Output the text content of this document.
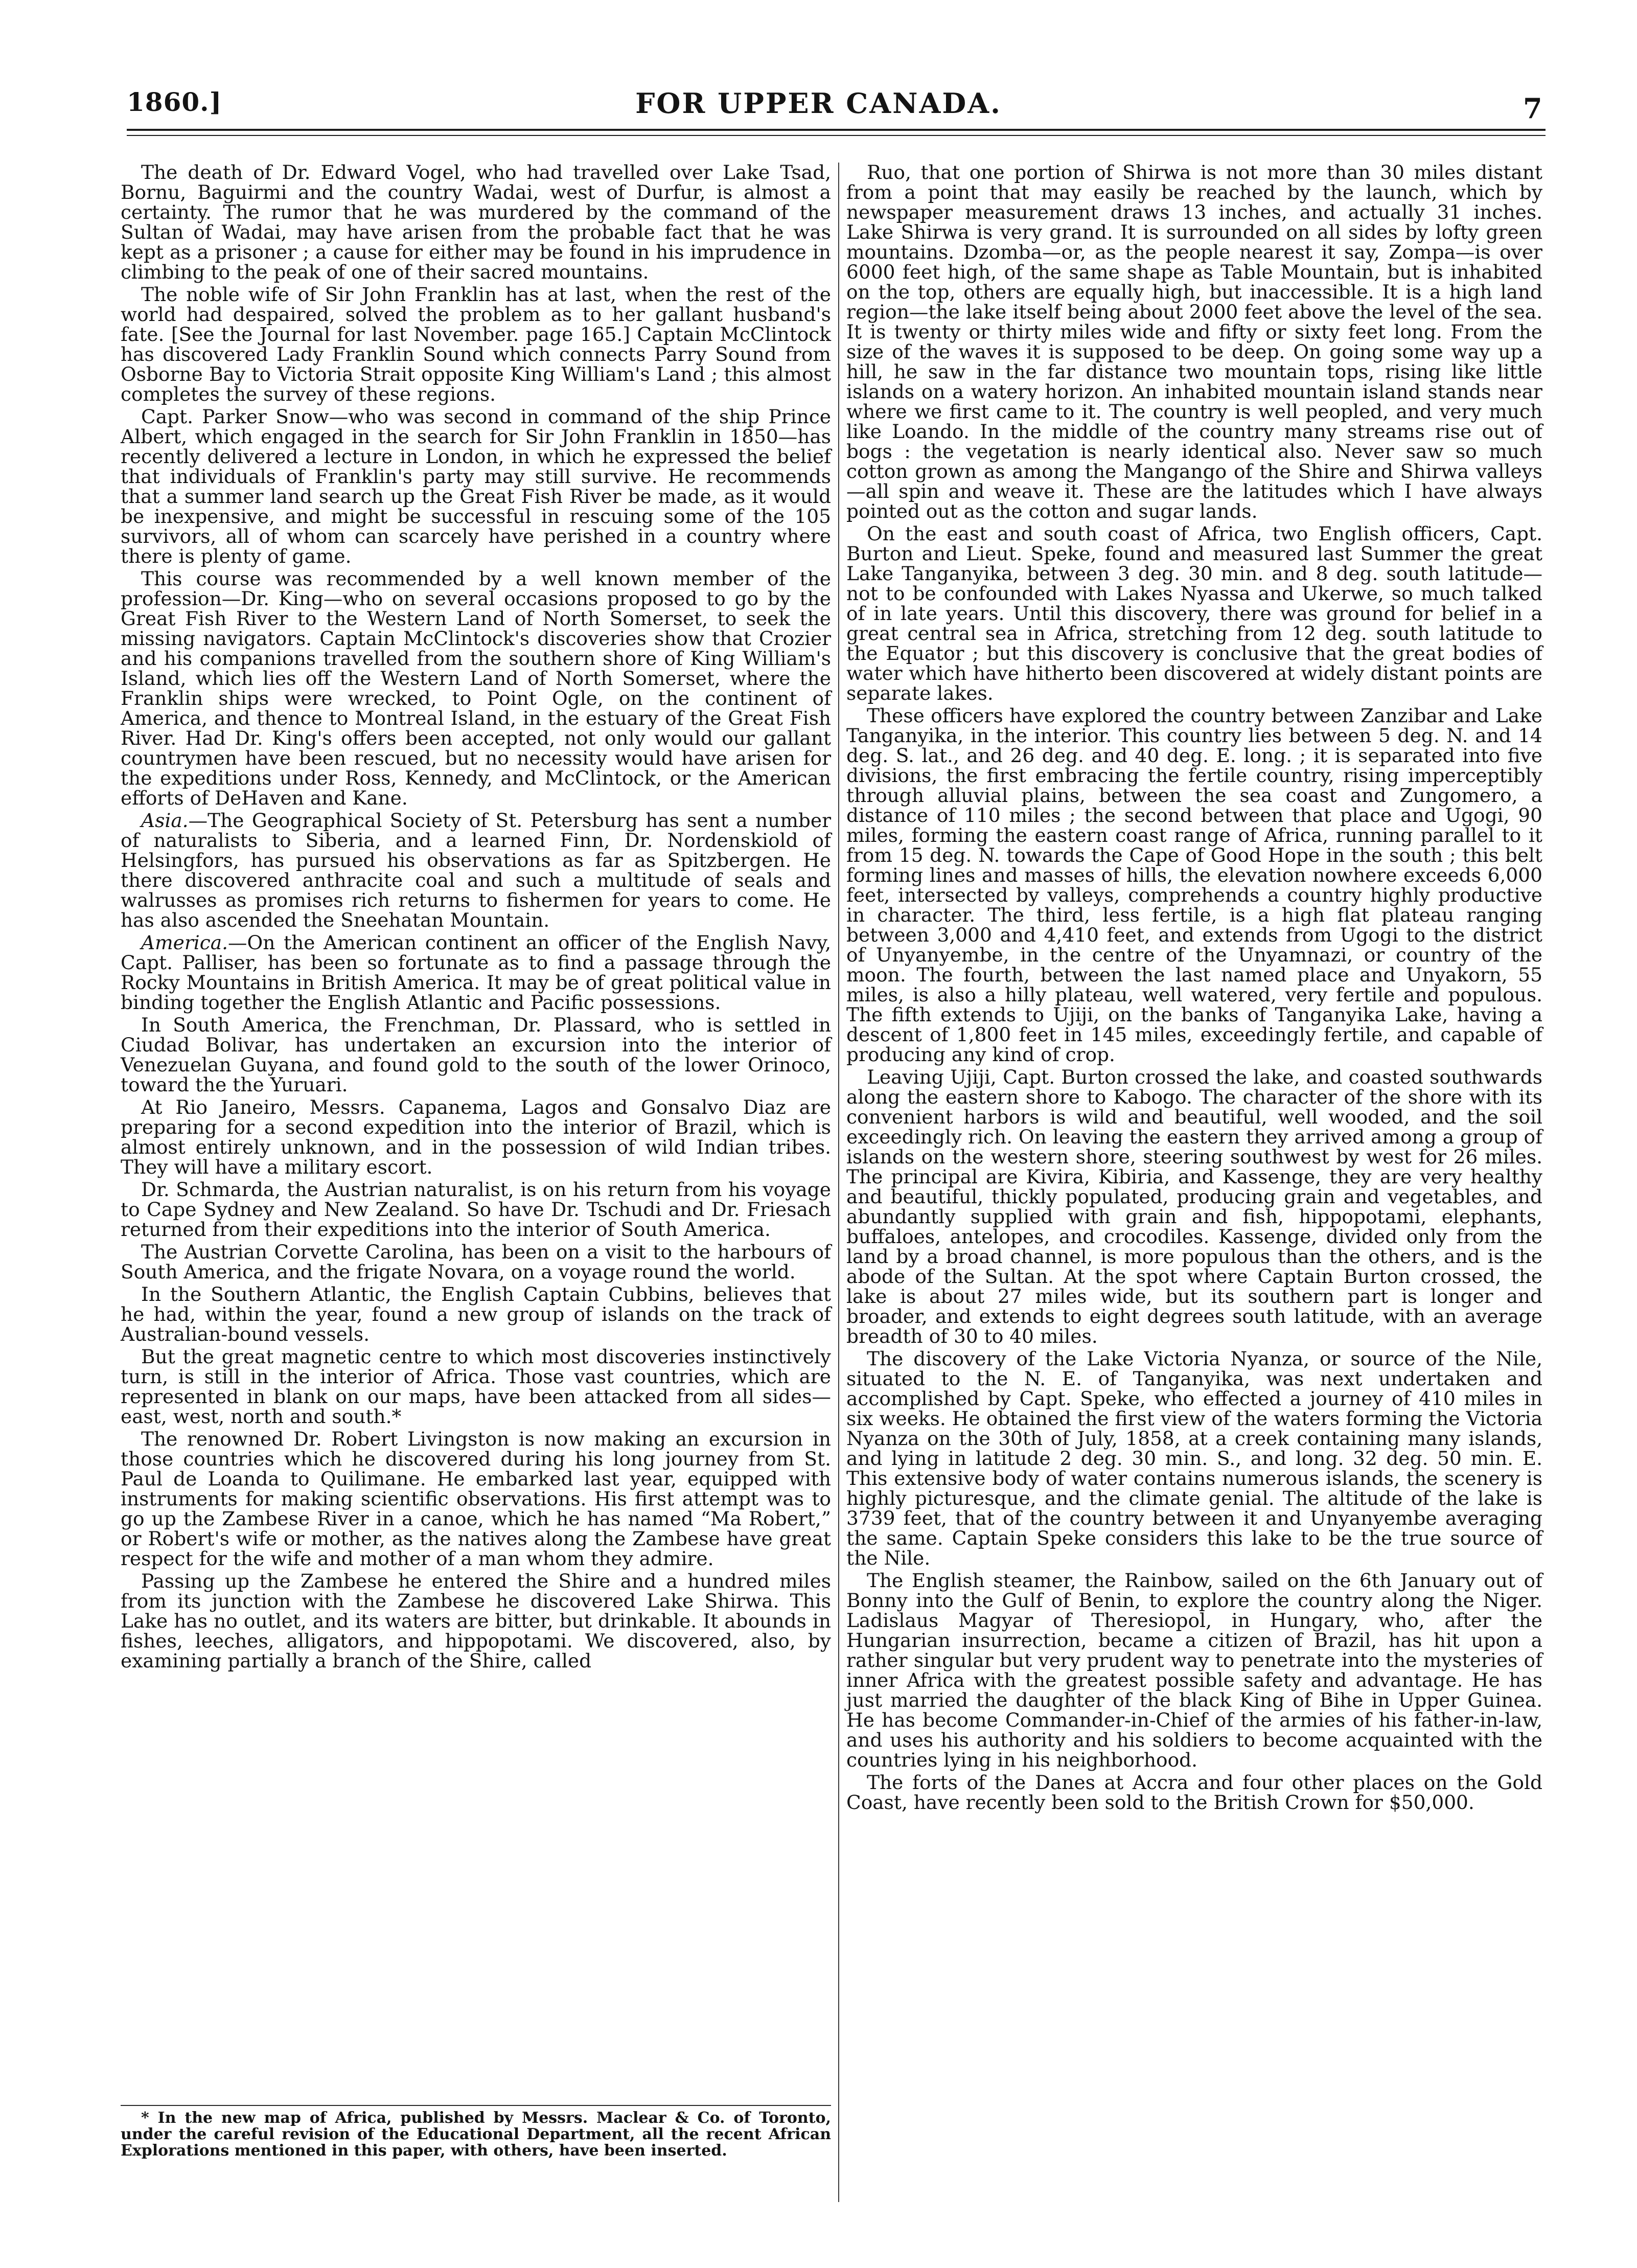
1860.]	FOR UPPER CANADA.	7

The death of Dr. Edward Vogel, who had travelled over Lake Tsad, Bornu, Baguirmi and the country Wadai, west of Durfur, is almost a certainty. The rumor that he was murdered by the command of the Sultan of Wadai, may have arisen from the probable fact that he was kept as a prisoner ; a cause for either may be found in his imprudence in climbing to the peak of one of their sacred mountains.

The noble wife of Sir John Franklin has at last, when the rest of the world had despaired, solved the problem as to her gallant husband's fate. [See the Journal for last November. page 165.] Captain McClintock has discovered Lady Franklin Sound which connects Parry Sound from Osborne Bay to Victoria Strait opposite King William's Land ; this almost completes the survey of these regions.

Capt. Parker Snow—who was second in command of the ship Prince Albert, which engaged in the search for Sir John Franklin in 1850—has recently delivered a lecture in London, in which he expressed the belief that individuals of Franklin's party may still survive. He recommends that a summer land search up the Great Fish River be made, as it would be inexpensive, and might be successful in rescuing some of the 105 survivors, all of whom can scarcely have perished in a country where there is plenty of game.

This course was recommended by a well known member of the profession—Dr. King—who on several occasions proposed to go by the Great Fish River to the Western Land of North Somerset, to seek the missing navigators. Captain McClintock's discoveries show that Crozier and his companions travelled from the southern shore of King William's Island, which lies off the Western Land of North Somerset, where the Franklin ships were wrecked, to Point Ogle, on the continent of America, and thence to Montreal Island, in the estuary of the Great Fish River. Had Dr. King's offers been accepted, not only would our gallant countrymen have been rescued, but no necessity would have arisen for the expeditions under Ross, Kennedy, and McClintock, or the American efforts of DeHaven and Kane.

Asia.—The Geographical Society of St. Petersburg has sent a number of naturalists to Siberia, and a learned Finn, Dr. Nordenskiold of Helsingfors, has pursued his observations as far as Spitzbergen. He there discovered anthracite coal and such a multitude of seals and walrusses as promises rich returns to fishermen for years to come. He has also ascended the Sneehatan Mountain.

America.—On the American continent an officer of the English Navy, Capt. Palliser, has been so fortunate as to find a passage through the Rocky Mountains in British America. It may be of great political value in binding together the English Atlantic and Pacific possessions.

In South America, the Frenchman, Dr. Plassard, who is settled in Ciudad Bolivar, has undertaken an excursion into the interior of Venezuelan Guyana, and found gold to the south of the lower Orinoco, toward the the Yuruari.

At Rio Janeiro, Messrs. Capanema, Lagos and Gonsalvo Diaz are preparing for a second expedition into the interior of Brazil, which is almost entirely unknown, and in the possession of wild Indian tribes. They will have a military escort.

Dr. Schmarda, the Austrian naturalist, is on his return from his voyage to Cape Sydney and New Zealand. So have Dr. Tschudi and Dr. Friesach returned from their expeditions into the interior of South America.

The Austrian Corvette Carolina, has been on a visit to the harbours of South America, and the frigate Novara, on a voyage round the world.

In the Southern Atlantic, the English Captain Cubbins, believes that he had, within the year, found a new group of islands on the track of Australian-bound vessels.

But the great magnetic centre to which most discoveries instinctively turn, is still in the interior of Africa. Those vast countries, which are represented in blank on our maps, have been attacked from all sides—east, west, north and south.*

The renowned Dr. Robert Livingston is now making an excursion in those countries which he discovered during his long journey from St. Paul de Loanda to Quilimane. He embarked last year, equipped with instruments for making scientific observations. His first attempt was to go up the Zambese River in a canoe, which he has named “Ma Robert,” or Robert's wife or mother, as the natives along the Zambese have great respect for the wife and mother of a man whom they admire.

Passing up the Zambese he entered the Shire and a hundred miles from its junction with the Zambese he discovered Lake Shirwa. This Lake has no outlet, and its waters are bitter, but drinkable. It abounds in fishes, leeches, alligators, and hippopotami. We discovered, also, by examining partially a branch of the Shire, called

Ruo, that one portion of Shirwa is not more than 30 miles distant from a point that may easily be reached by the launch, which by newspaper measurement draws 13 inches, and actually 31 inches. Lake Shirwa is very grand. It is surrounded on all sides by lofty green mountains. Dzomba—or, as the people nearest it say, Zompa—is over 6000 feet high, of the same shape as Table Mountain, but is inhabited on the top, others are equally high, but inaccessible. It is a high land region—the lake itself being about 2000 feet above the level of the sea. It is twenty or thirty miles wide and fifty or sixty feet long. From the size of the waves it is supposed to be deep. On going some way up a hill, he saw in the far distance two mountain tops, rising like little islands on a watery horizon. An inhabited mountain island stands near where we first came to it. The country is well peopled, and very much like Loando. In the middle of the country many streams rise out of bogs : the vegetation is nearly identical also. Never saw so much cotton grown as among the Mangango of the Shire and Shirwa valleys—all spin and weave it. These are the latitudes which I have always pointed out as the cotton and sugar lands.

On the east and south coast of Africa, two English officers, Capt. Burton and Lieut. Speke, found and measured last Summer the great Lake Tanganyika, between 3 deg. 30 min. and 8 deg. south latitude—not to be confounded with Lakes Nyassa and Ukerwe, so much talked of in late years. Until this discovery, there was ground for belief in a great central sea in Africa, stretching from 12 deg. south latitude to the Equator ; but this discovery is conclusive that the great bodies of water which have hitherto been discovered at widely distant points are separate lakes.

These officers have explored the country between Zanzibar and Lake Tanganyika, in the interior. This country lies between 5 deg. N. and 14 deg. S. lat., and 26 deg. and 40 deg. E. long. ; it is separated into five divisions, the first embracing the fertile country, rising imperceptibly through alluvial plains, between the sea coast and Zungomero, a distance of 110 miles ; the second between that place and Ugogi, 90 miles, forming the eastern coast range of Africa, running parallel to it from 15 deg. N. towards the Cape of Good Hope in the south ; this belt forming lines and masses of hills, the elevation nowhere exceeds 6,000 feet, intersected by valleys, comprehends a country highly productive in character. The third, less fertile, is a high flat plateau ranging between 3,000 and 4,410 feet, and extends from Ugogi to the district of Unyanyembe, in the centre of the Unyamnazi, or country of the moon. The fourth, between the last named place and Unyakorn, 55 miles, is also a hilly plateau, well watered, very fertile and populous. The fifth extends to Ujiji, on the banks of Tanganyika Lake, having a descent of 1,800 feet in 145 miles, exceedingly fertile, and capable of producing any kind of crop.

Leaving Ujiji, Capt. Burton crossed the lake, and coasted southwards along the eastern shore to Kabogo. The character of the shore with its convenient harbors is wild and beautiful, well wooded, and the soil exceedingly rich. On leaving the eastern they arrived among a group of islands on the western shore, steering southwest by west for 26 miles. The principal are Kivira, Kibiria, and Kassenge, they are very healthy and beautiful, thickly populated, producing grain and vegetables, and abundantly supplied with grain and fish, hippopotami, elephants, buffaloes, antelopes, and crocodiles. Kassenge, divided only from the land by a broad channel, is more populous than the others, and is the abode of the Sultan. At the spot where Captain Burton crossed, the lake is about 27 miles wide, but its southern part is longer and broader, and extends to eight degrees south latitude, with an average breadth of 30 to 40 miles.

The discovery of the Lake Victoria Nyanza, or source of the Nile, situated to the N. E. of Tanganyika, was next undertaken and accomplished by Capt. Speke, who effected a journey of 410 miles in six weeks. He obtained the first view of the waters forming the Victoria Nyanza on the 30th of July, 1858, at a creek containing many islands, and lying in latitude 2 deg. 30 min. S., and long. 32 deg. 50 min. E. This extensive body of water contains numerous islands, the scenery is highly picturesque, and the climate genial. The altitude of the lake is 3739 feet, that of the country between it and Unyanyembe averaging the same. Captain Speke considers this lake to be the true source of the Nile.

The English steamer, the Rainbow, sailed on the 6th January out of Bonny into the Gulf of Benin, to explore the country along the Niger. Ladislaus Magyar of Theresiopol, in Hungary, who, after the Hungarian insurrection, became a citizen of Brazil, has hit upon a rather singular but very prudent way to penetrate into the mysteries of inner Africa with the greatest possible safety and advantage. He has just married the daughter of the black King of Bihe in Upper Guinea. He has become Commander-in-Chief of the armies of his father-in-law, and uses his authority and his soldiers to become acquainted with the countries lying in his neighborhood.

The forts of the Danes at Accra and four other places on the Gold Coast, have recently been sold to the British Crown for $50,000.

* In the new map of Africa, published by Messrs. Maclear & Co. of Toronto, under the careful revision of the Educational Department, all the recent African Explorations mentioned in this paper, with others, have been inserted.
